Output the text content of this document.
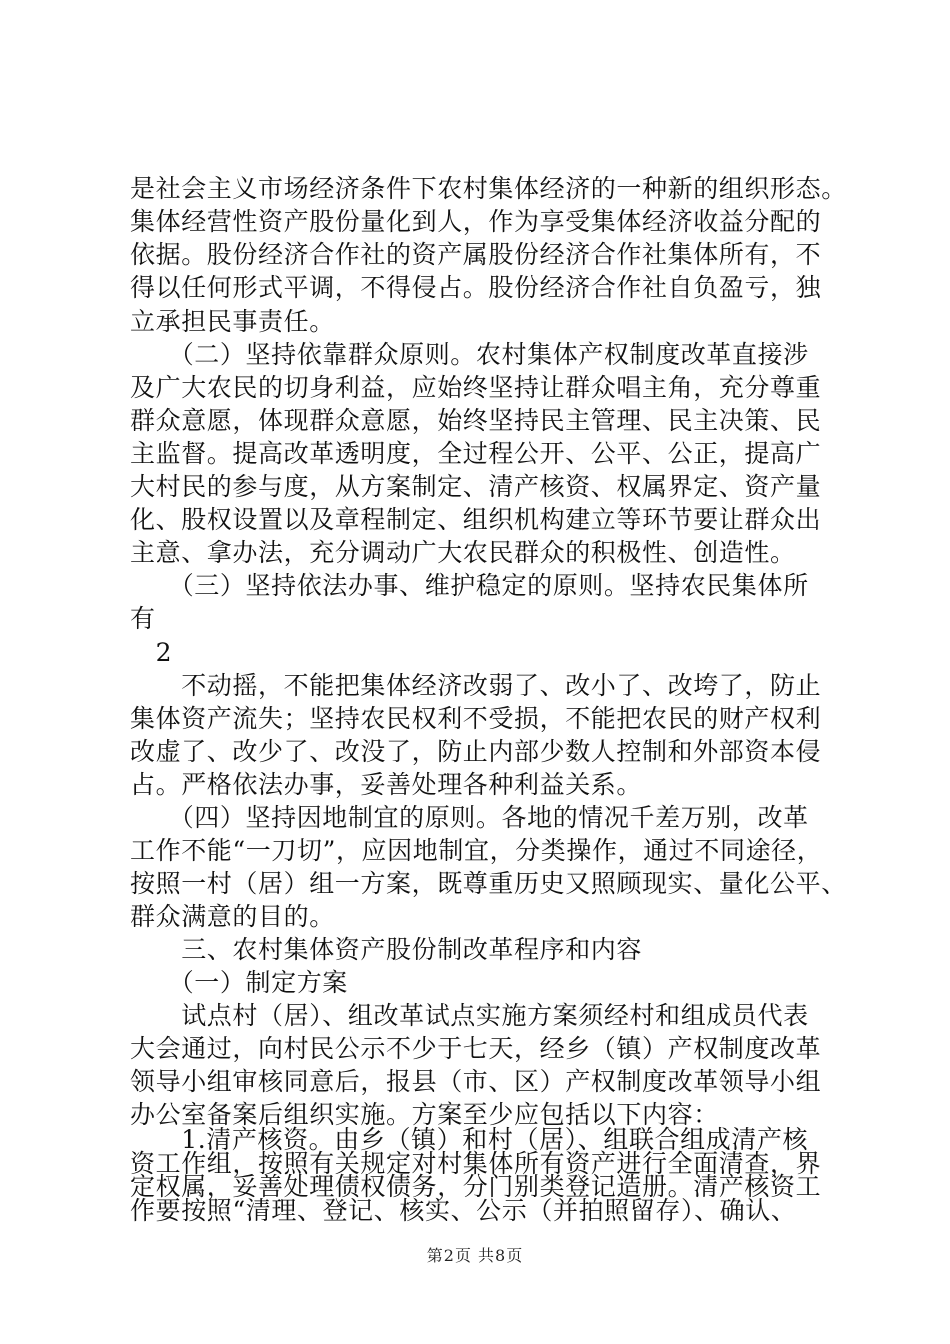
是社会主义市场经济条件下农村集体经济的一种新的组织形态。
集体经营性资产股份量化到人，作为享受集体经济收益分配的
依据。股份经济合作社的资产属股份经济合作社集体所有，不
得以任何形式平调，不得侵占。股份经济合作社自负盈亏，独
立承担民事责任。
　　（二）坚持依靠群众原则。农村集体产权制度改革直接涉
及广大农民的切身利益，应始终坚持让群众唱主角，充分尊重
群众意愿，体现群众意愿，始终坚持民主管理、民主决策、民
主监督。提高改革透明度，全过程公开、公平、公正，提高广
大村民的参与度，从方案制定、清产核资、权属界定、资产量
化、股权设置以及章程制定、组织机构建立等环节要让群众出
主意、拿办法，充分调动广大农民群众的积极性、创造性。
　　（三）坚持依法办事、维护稳定的原则。坚持农民集体所
有
　2
　　不动摇，不能把集体经济改弱了、改小了、改垮了，防止
集体资产流失；坚持农民权利不受损，不能把农民的财产权利
改虚了、改少了、改没了，防止内部少数人控制和外部资本侵
占。严格依法办事，妥善处理各种利益关系。
　　（四）坚持因地制宜的原则。各地的情况千差万别，改革
工作不能“一刀切”，应因地制宜，分类操作，通过不同途径，
按照一村（居）组一方案，既尊重历史又照顾现实、量化公平、
群众满意的目的。
　　三、农村集体资产股份制改革程序和内容
　　（一）制定方案
　　试点村（居）、组改革试点实施方案须经村和组成员代表
大会通过，向村民公示不少于七天，经乡（镇）产权制度改革
领导小组审核同意后，报县（市、区）产权制度改革领导小组
办公室备案后组织实施。方案至少应包括以下内容：
　　1.清产核资。由乡（镇）和村（居）、组联合组成清产核
资工作组，按照有关规定对村集体所有资产进行全面清查，界
定权属，妥善处理债权债务，分门别类登记造册。清产核资工
作要按照“清理、登记、核实、公示（并拍照留存）、确认、
第2页 共8页
